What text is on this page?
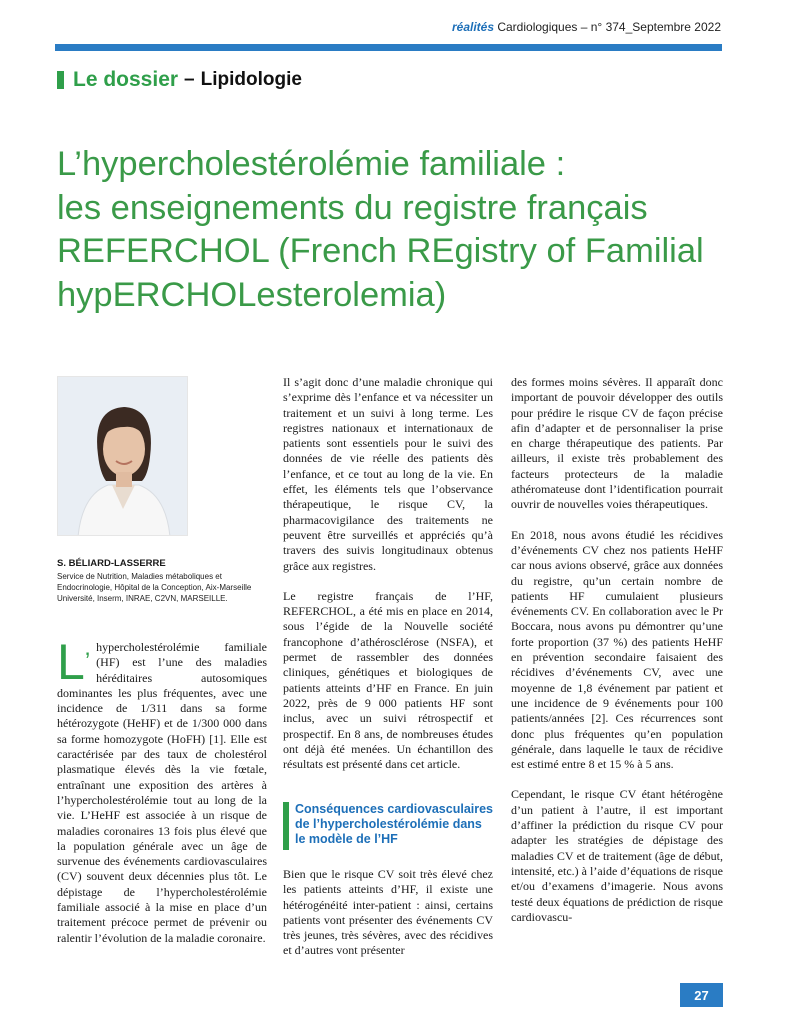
réalités Cardiologiques – n° 374_Septembre 2022
Le dossier – Lipidologie
L’hypercholestérolémie familiale :
les enseignements du registre français
REFERCHOL (French REgistry of Familial
hypERCHOLesterolemia)
S. BÉLIARD-LASSERRE
Service de Nutrition, Maladies métaboliques et Endocrinologie, Hôpital de la Conception, Aix-Marseille Université, Inserm, INRAE, C2VN, MARSEILLE.

L’
hypercholestérolémie familiale (HF) est l’une des maladies héréditaires autosomiques dominantes les plus fréquentes, avec une incidence de 1/311 dans sa forme hétérozygote (HeHF) et de 1/300 000 dans sa forme homozygote (HoFH) [1]. Elle est caractérisée par des taux de cholestérol plasmatique élevés dès la vie fœtale, entraînant une exposition des artères à l’hypercholestérolémie tout au long de la vie. L’HeHF est associée à un risque de maladies coronaires 13 fois plus élevé que la population générale avec un âge de survenue des événements cardiovasculaires (CV) souvent deux décennies plus tôt. Le dépistage de l’hypercholestérolémie familiale associé à la mise en place d’un traitement précoce permet de prévenir ou ralentir l’évolution de la maladie coronaire.

Il s’agit donc d’une maladie chronique qui s’exprime dès l’enfance et va nécessiter un traitement et un suivi à long terme. Les registres nationaux et internationaux de patients sont essentiels pour le suivi des données de vie réelle des patients dès l’enfance, et ce tout au long de la vie. En effet, les éléments tels que l’observance thérapeutique, le risque CV, la pharmacovigilance des traitements ne peuvent être surveillés et appréciés qu’à travers des suivis longitudinaux obtenus grâce aux registres.

Le registre français de l’HF, REFERCHOL, a été mis en place en 2014, sous l’égide de la Nouvelle société francophone d’athérosclérose (NSFA), et permet de rassembler des données cliniques, génétiques et biologiques de patients atteints d’HF en France. En juin 2022, près de 9 000 patients HF sont inclus, avec un suivi rétrospectif et prospectif. En 8 ans, de nombreuses études ont déjà été menées. Un échantillon des résultats est présenté dans cet article.

Conséquences cardiovasculaires de l’hypercholestérolémie dans le modèle de l’HF

Bien que le risque CV soit très élevé chez les patients atteints d’HF, il existe une hétérogénéité inter-patient : ainsi, certains patients vont présenter des événements CV très jeunes, très sévères, avec des récidives et d’autres vont présenter

des formes moins sévères. Il apparaît donc important de pouvoir développer des outils pour prédire le risque CV de façon précise afin d’adapter et de personnaliser la prise en charge thérapeutique des patients. Par ailleurs, il existe très probablement des facteurs protecteurs de la maladie athéromateuse dont l’identification pourrait ouvrir de nouvelles voies thérapeutiques.

En 2018, nous avons étudié les récidives d’événements CV chez nos patients HeHF car nous avions observé, grâce aux données du registre, qu’un certain nombre de patients HF cumulaient plusieurs événements CV. En collaboration avec le Pr Boccara, nous avons pu démontrer qu’une forte proportion (37 %) des patients HeHF en prévention secondaire faisaient des récidives d’événements CV, avec une moyenne de 1,8 événement par patient et une incidence de 9 événements pour 100 patients/années [2]. Ces récurrences sont donc plus fréquentes qu’en population générale, dans laquelle le taux de récidive est estimé entre 8 et 15 % à 5 ans.

Cependant, le risque CV étant hétérogène d’un patient à l’autre, il est important d’affiner la prédiction du risque CV pour adapter les stratégies de dépistage des maladies CV et de traitement (âge de début, intensité, etc.) à l’aide d’équations de risque et/ou d’examens d’imagerie. Nous avons testé deux équations de prédiction de risque cardiovascu-

27
